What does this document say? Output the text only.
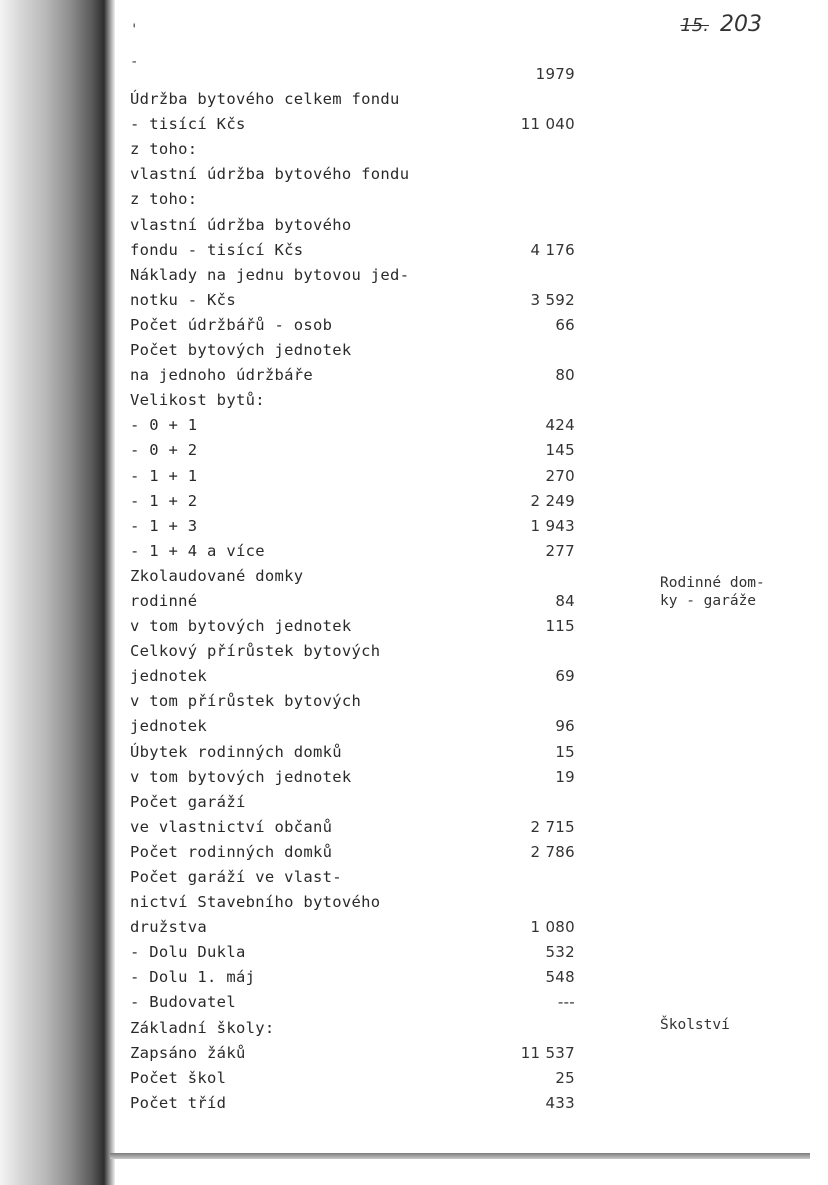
15. 203
'
-
1979
Údržba bytového celkem fondu
- tisící Kčs	11 040
z toho:
vlastní údržba bytového fondu
z toho:
vlastní údržba bytového
fondu - tisící Kčs	4 176
Náklady na jednu bytovou jed-
notku - Kčs	3 592
Počet údržbářů - osob	66
Počet bytových jednotek
na jednoho údržbáře	80
Velikost bytů:
- 0 + 1	424
- 0 + 2	145
- 1 + 1	270
- 1 + 2	2 249
- 1 + 3	1 943
- 1 + 4 a více	277
Zkolaudované domky
rodinné	84
v tom bytových jednotek	115
Celkový přírůstek bytových
jednotek	69
v tom přírůstek bytových
jednotek	96
Úbytek rodinných domků	15
v tom bytových jednotek	19
Počet garáží
ve vlastnictví občanů	2 715
Počet rodinných domků	2 786
Počet garáží ve vlast-
nictví Stavebního bytového
družstva	1 080
- Dolu Dukla	532
- Dolu 1. máj	548
- Budovatel	---
Základní školy:
Zapsáno žáků	11 537
Počet škol	25
Počet tříd	433
Rodinné dom-
ky - garáže
Školství
